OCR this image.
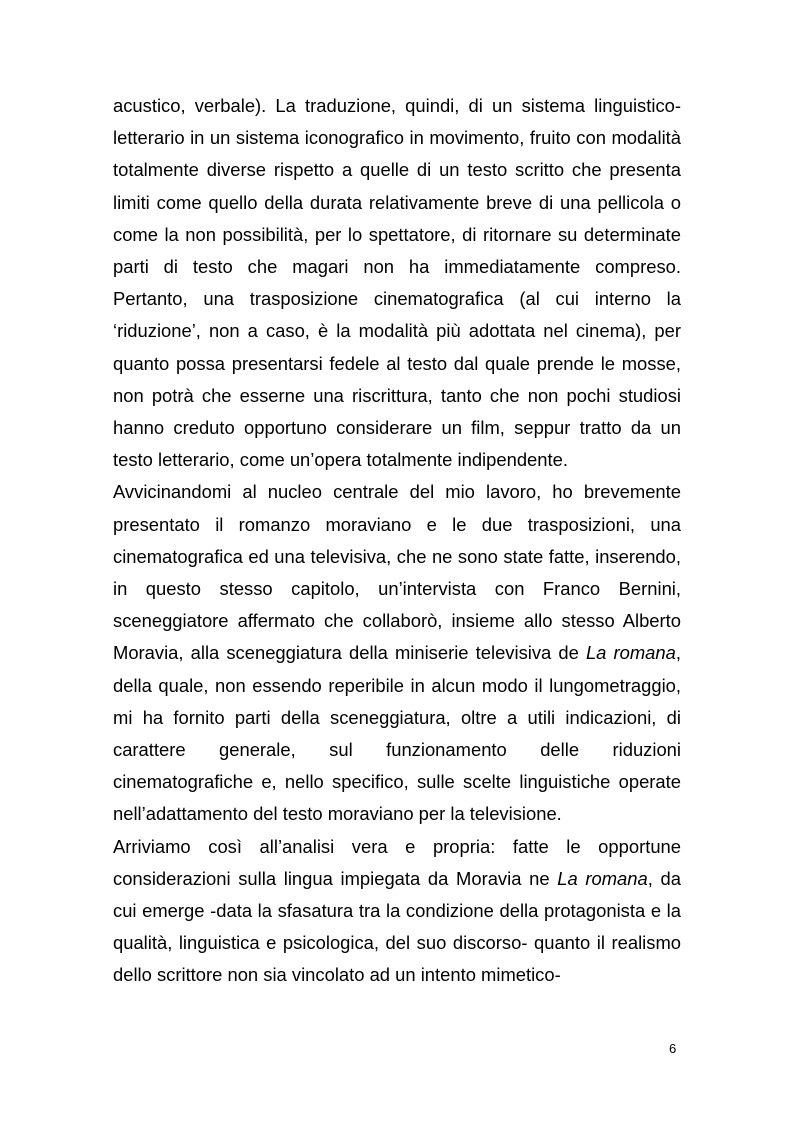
acustico, verbale). La traduzione, quindi, di un sistema linguistico-letterario in un sistema iconografico in movimento, fruito con modalità totalmente diverse rispetto a quelle di un testo scritto che presenta limiti come quello della durata relativamente breve di una pellicola o come la non possibilità, per lo spettatore, di ritornare su determinate parti di testo che magari non ha immediatamente compreso. Pertanto, una trasposizione cinematografica (al cui interno la ‘riduzione’, non a caso, è la modalità più adottata nel cinema), per quanto possa presentarsi fedele al testo dal quale prende le mosse, non potrà che esserne una riscrittura, tanto che non pochi studiosi hanno creduto opportuno considerare un film, seppur tratto da un testo letterario, come un’opera totalmente indipendente.

Avvicinandomi al nucleo centrale del mio lavoro, ho brevemente presentato il romanzo moraviano e le due trasposizioni, una cinematografica ed una televisiva, che ne sono state fatte, inserendo, in questo stesso capitolo, un’intervista con Franco Bernini, sceneggiatore affermato che collaborò, insieme allo stesso Alberto Moravia, alla sceneggiatura della miniserie televisiva de La romana, della quale, non essendo reperibile in alcun modo il lungometraggio, mi ha fornito parti della sceneggiatura, oltre a utili indicazioni, di carattere generale, sul funzionamento delle riduzioni cinematografiche e, nello specifico, sulle scelte linguistiche operate nell’adattamento del testo moraviano per la televisione.

Arriviamo così all’analisi vera e propria: fatte le opportune considerazioni sulla lingua impiegata da Moravia ne La romana, da cui emerge -data la sfasatura tra la condizione della protagonista e la qualità, linguistica e psicologica, del suo discorso- quanto il realismo dello scrittore non sia vincolato ad un intento mimetico-

6
